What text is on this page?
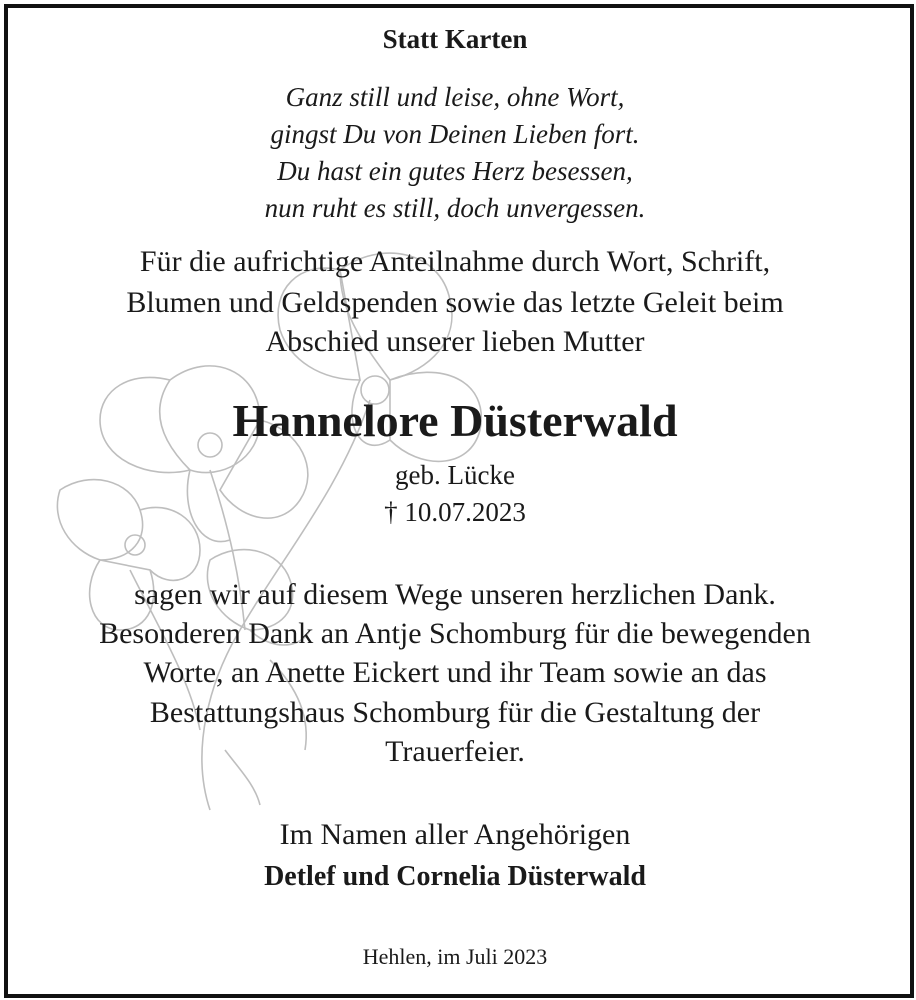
Statt Karten
Ganz still und leise, ohne Wort,
gingst Du von Deinen Lieben fort.
Du hast ein gutes Herz besessen,
nun ruht es still, doch unvergessen.
Für die aufrichtige Anteilnahme durch Wort, Schrift,
Blumen und Geldspenden sowie das letzte Geleit beim
Abschied unserer lieben Mutter
Hannelore Düsterwald
geb. Lücke
† 10.07.2023
sagen wir auf diesem Wege unseren herzlichen Dank.
Besonderen Dank an Antje Schomburg für die bewegenden
Worte, an Anette Eickert und ihr Team sowie an das
Bestattungshaus Schomburg für die Gestaltung der
Trauerfeier.
Im Namen aller Angehörigen
Detlef und Cornelia Düsterwald
Hehlen, im Juli 2023
